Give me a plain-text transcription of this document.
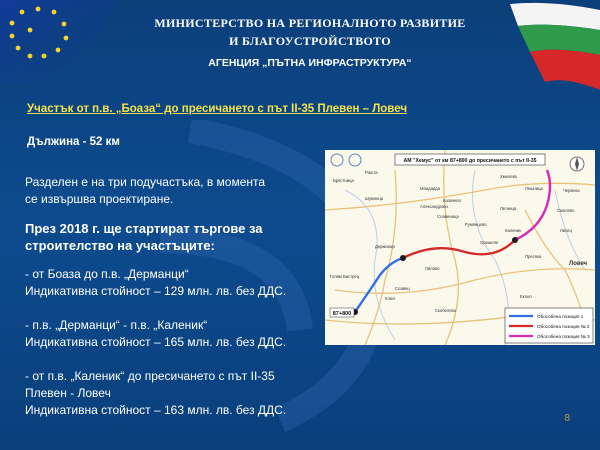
МИНИСТЕРСТВО НА РЕГИОНАЛНОТО РАЗВИТИЕ
И БЛАГОУСТРОЙСТВОТО
АГЕНЦИЯ „ПЪТНА ИНФРАСТРУКТУРА“
Участък от п.в. „Боаза“ до пресичането с път II-35 Плевен – Ловеч
Дължина - 52 км
Разделен е на три подучастъка, в момента
се извършва проектиране.
През 2018 г. ще стартират търгове за
строителство на участъците:
- от Боаза до п.в. „Дерманци“
Индикативна стойност – 129 млн. лв. без ДДС.
- п.в. „Дерманци“ - п.в. „Каленик“
Индикативна стойност – 165 млн. лв. без ДДС.
- от п.в. „Каленик“ до пресичането с път II-35
Плевен - Ловеч
Индикативна стойност – 163 млн. лв. без ДДС.
АМ "Хемус" от км 87+800 до пресичането с път II-35
Рашта
Брестница
Шумнеца
Мандарда
Хмелево
Лешница	Червена
Смолево
Лисец
Ловеч
Дерманци
Каленик
Румянцево
Орешене
Славеница
Александрово
Казачево
Летница
Лилово
Пресяка
Голям Бистрец
Ключ
Славец
Скобелево
Еклел
87+800	Обособена позиция 1
Обособена позиция № 2
Обособена позиция № 3
8
